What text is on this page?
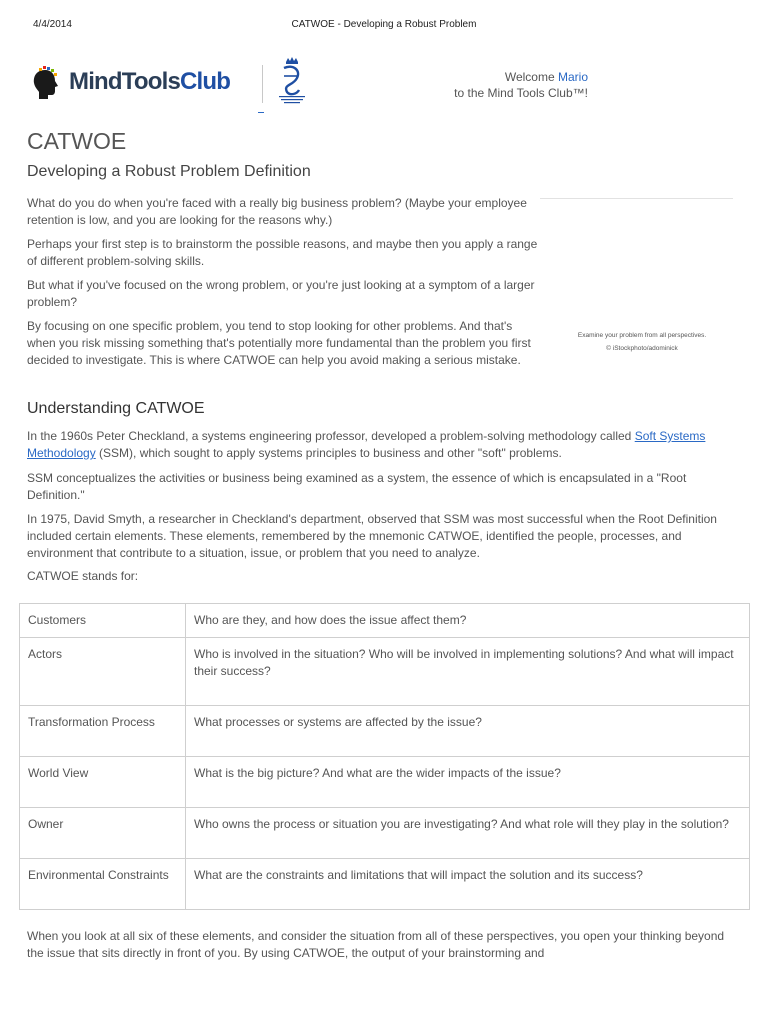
4/4/2014	CATWOE - Developing a Robust Problem
MindToolsClub	Welcome Mario
to the Mind Tools Club™!
CATWOE
Developing a Robust Problem Definition

What do you do when you're faced with a really big business problem? (Maybe your employee retention is low, and you are looking for the reasons why.)

Perhaps your first step is to brainstorm the possible reasons, and maybe then you apply a range of different problem-solving skills.

But what if you've focused on the wrong problem, or you're just looking at a symptom of a larger problem?

By focusing on one specific problem, you tend to stop looking for other problems. And that's when you risk missing something that's potentially more fundamental than the problem you first decided to investigate. This is where CATWOE can help you avoid making a serious mistake.

Examine your problem from all perspectives.
© iStockphoto/adominick
Understanding CATWOE

In the 1960s Peter Checkland, a systems engineering professor, developed a problem-solving methodology called Soft Systems Methodology (SSM), which sought to apply systems principles to business and other "soft" problems.

SSM conceptualizes the activities or business being examined as a system, the essence of which is encapsulated in a "Root Definition."

In 1975, David Smyth, a researcher in Checkland's department, observed that SSM was most successful when the Root Definition included certain elements. These elements, remembered by the mnemonic CATWOE, identified the people, processes, and environment that contribute to a situation, issue, or problem that you need to analyze.

CATWOE stands for:

Customers	Who are they, and how does the issue affect them?
Actors	Who is involved in the situation? Who will be involved in implementing solutions? And what will impact their success?
Transformation Process	What processes or systems are affected by the issue?
World View	What is the big picture? And what are the wider impacts of the issue?
Owner	Who owns the process or situation you are investigating? And what role will they play in the solution?
Environmental Constraints	What are the constraints and limitations that will impact the solution and its success?

When you look at all six of these elements, and consider the situation from all of these perspectives, you open your thinking beyond the issue that sits directly in front of you. By using CATWOE, the output of your brainstorming and
